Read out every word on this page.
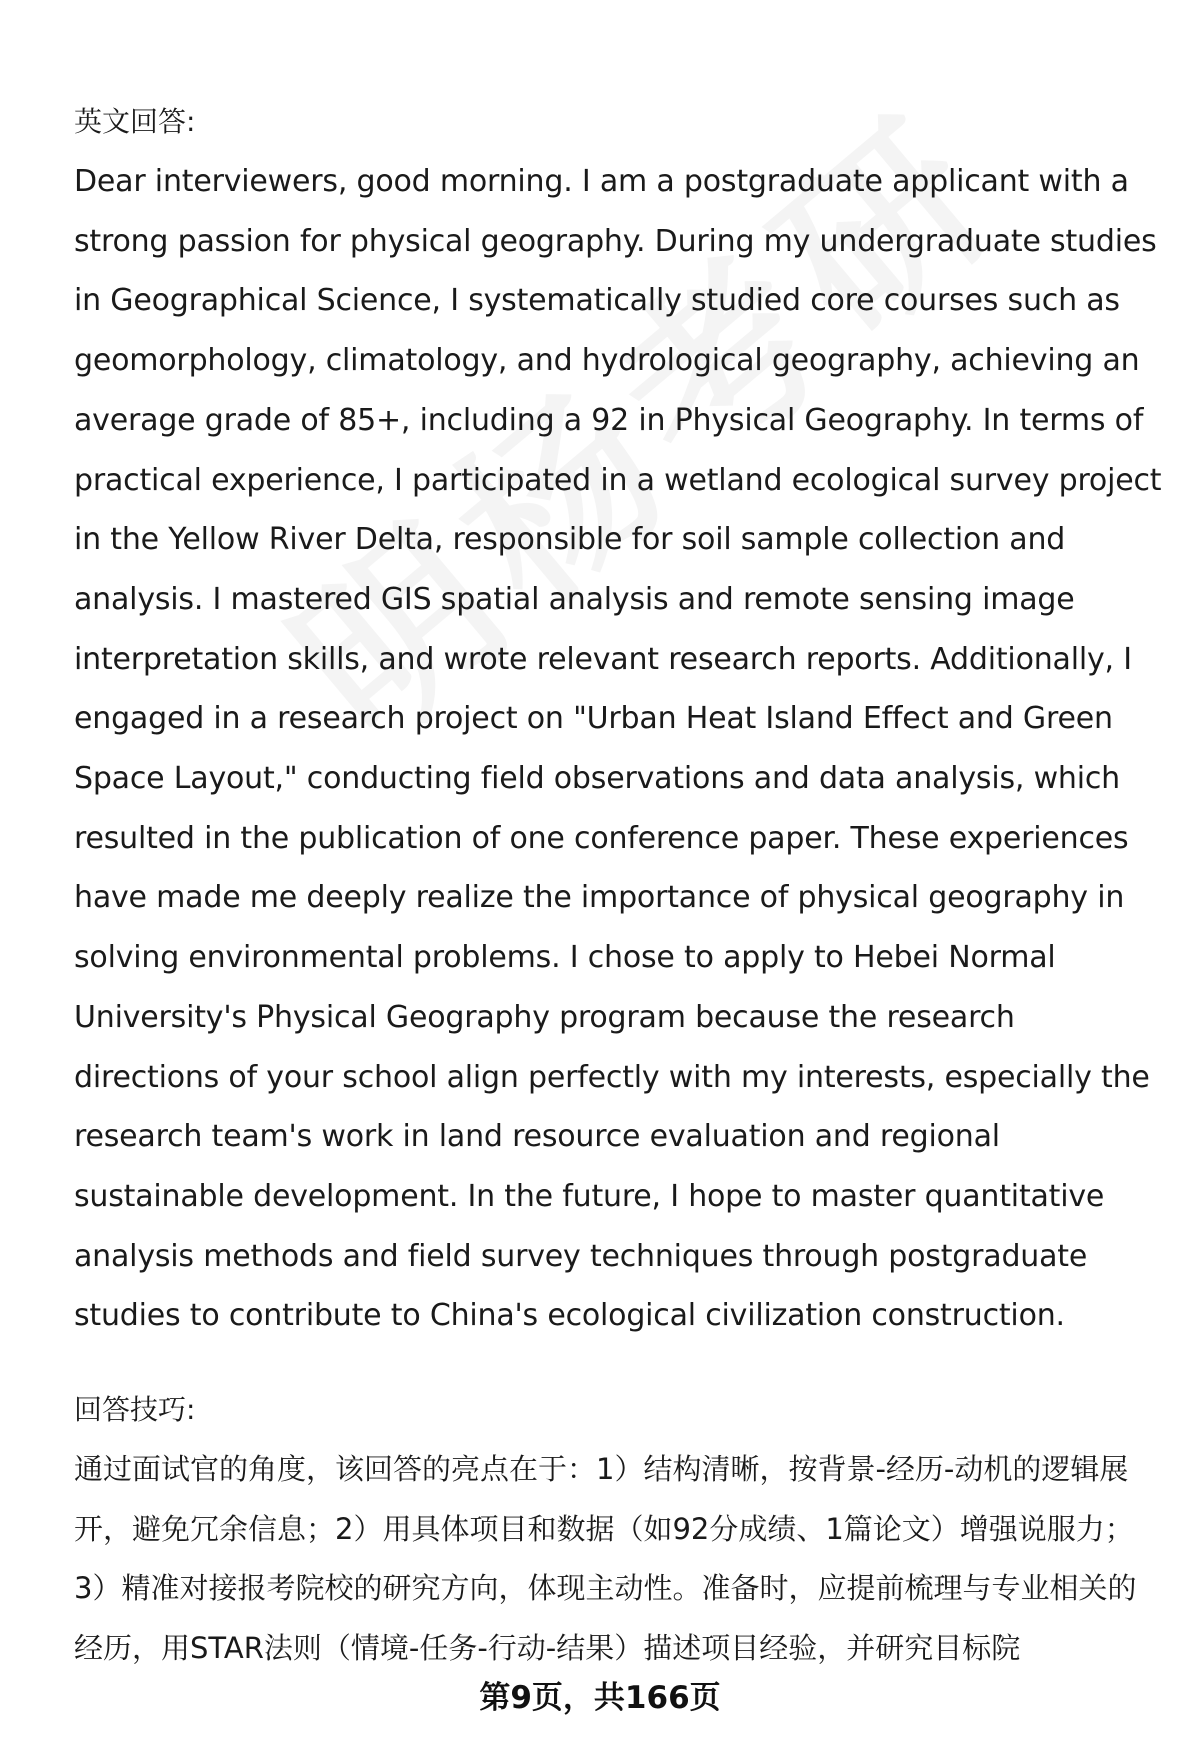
英文回答:

Dear interviewers, good morning. I am a postgraduate applicant with a strong passion for physical geography. During my undergraduate studies in Geographical Science, I systematically studied core courses such as geomorphology, climatology, and hydrological geography, achieving an average grade of 85+, including a 92 in Physical Geography. In terms of practical experience, I participated in a wetland ecological survey project in the Yellow River Delta, responsible for soil sample collection and analysis. I mastered GIS spatial analysis and remote sensing image interpretation skills, and wrote relevant research reports. Additionally, I engaged in a research project on "Urban Heat Island Effect and Green Space Layout," conducting field observations and data analysis, which resulted in the publication of one conference paper. These experiences have made me deeply realize the importance of physical geography in solving environmental problems. I chose to apply to Hebei Normal University's Physical Geography program because the research directions of your school align perfectly with my interests, especially the research team's work in land resource evaluation and regional sustainable development. In the future, I hope to master quantitative analysis methods and field survey techniques through postgraduate studies to contribute to China's ecological civilization construction.

回答技巧:

通过面试官的角度，该回答的亮点在于：1）结构清晰，按背景-经历-动机的逻辑展开，避免冗余信息；2）用具体项目和数据（如92分成绩、1篇论文）增强说服力；3）精准对接报考院校的研究方向，体现主动性。准备时，应提前梳理与专业相关的经历，用STAR法则（情境-任务-行动-结果）描述项目经验，并研究目标院

第9页，共166页
